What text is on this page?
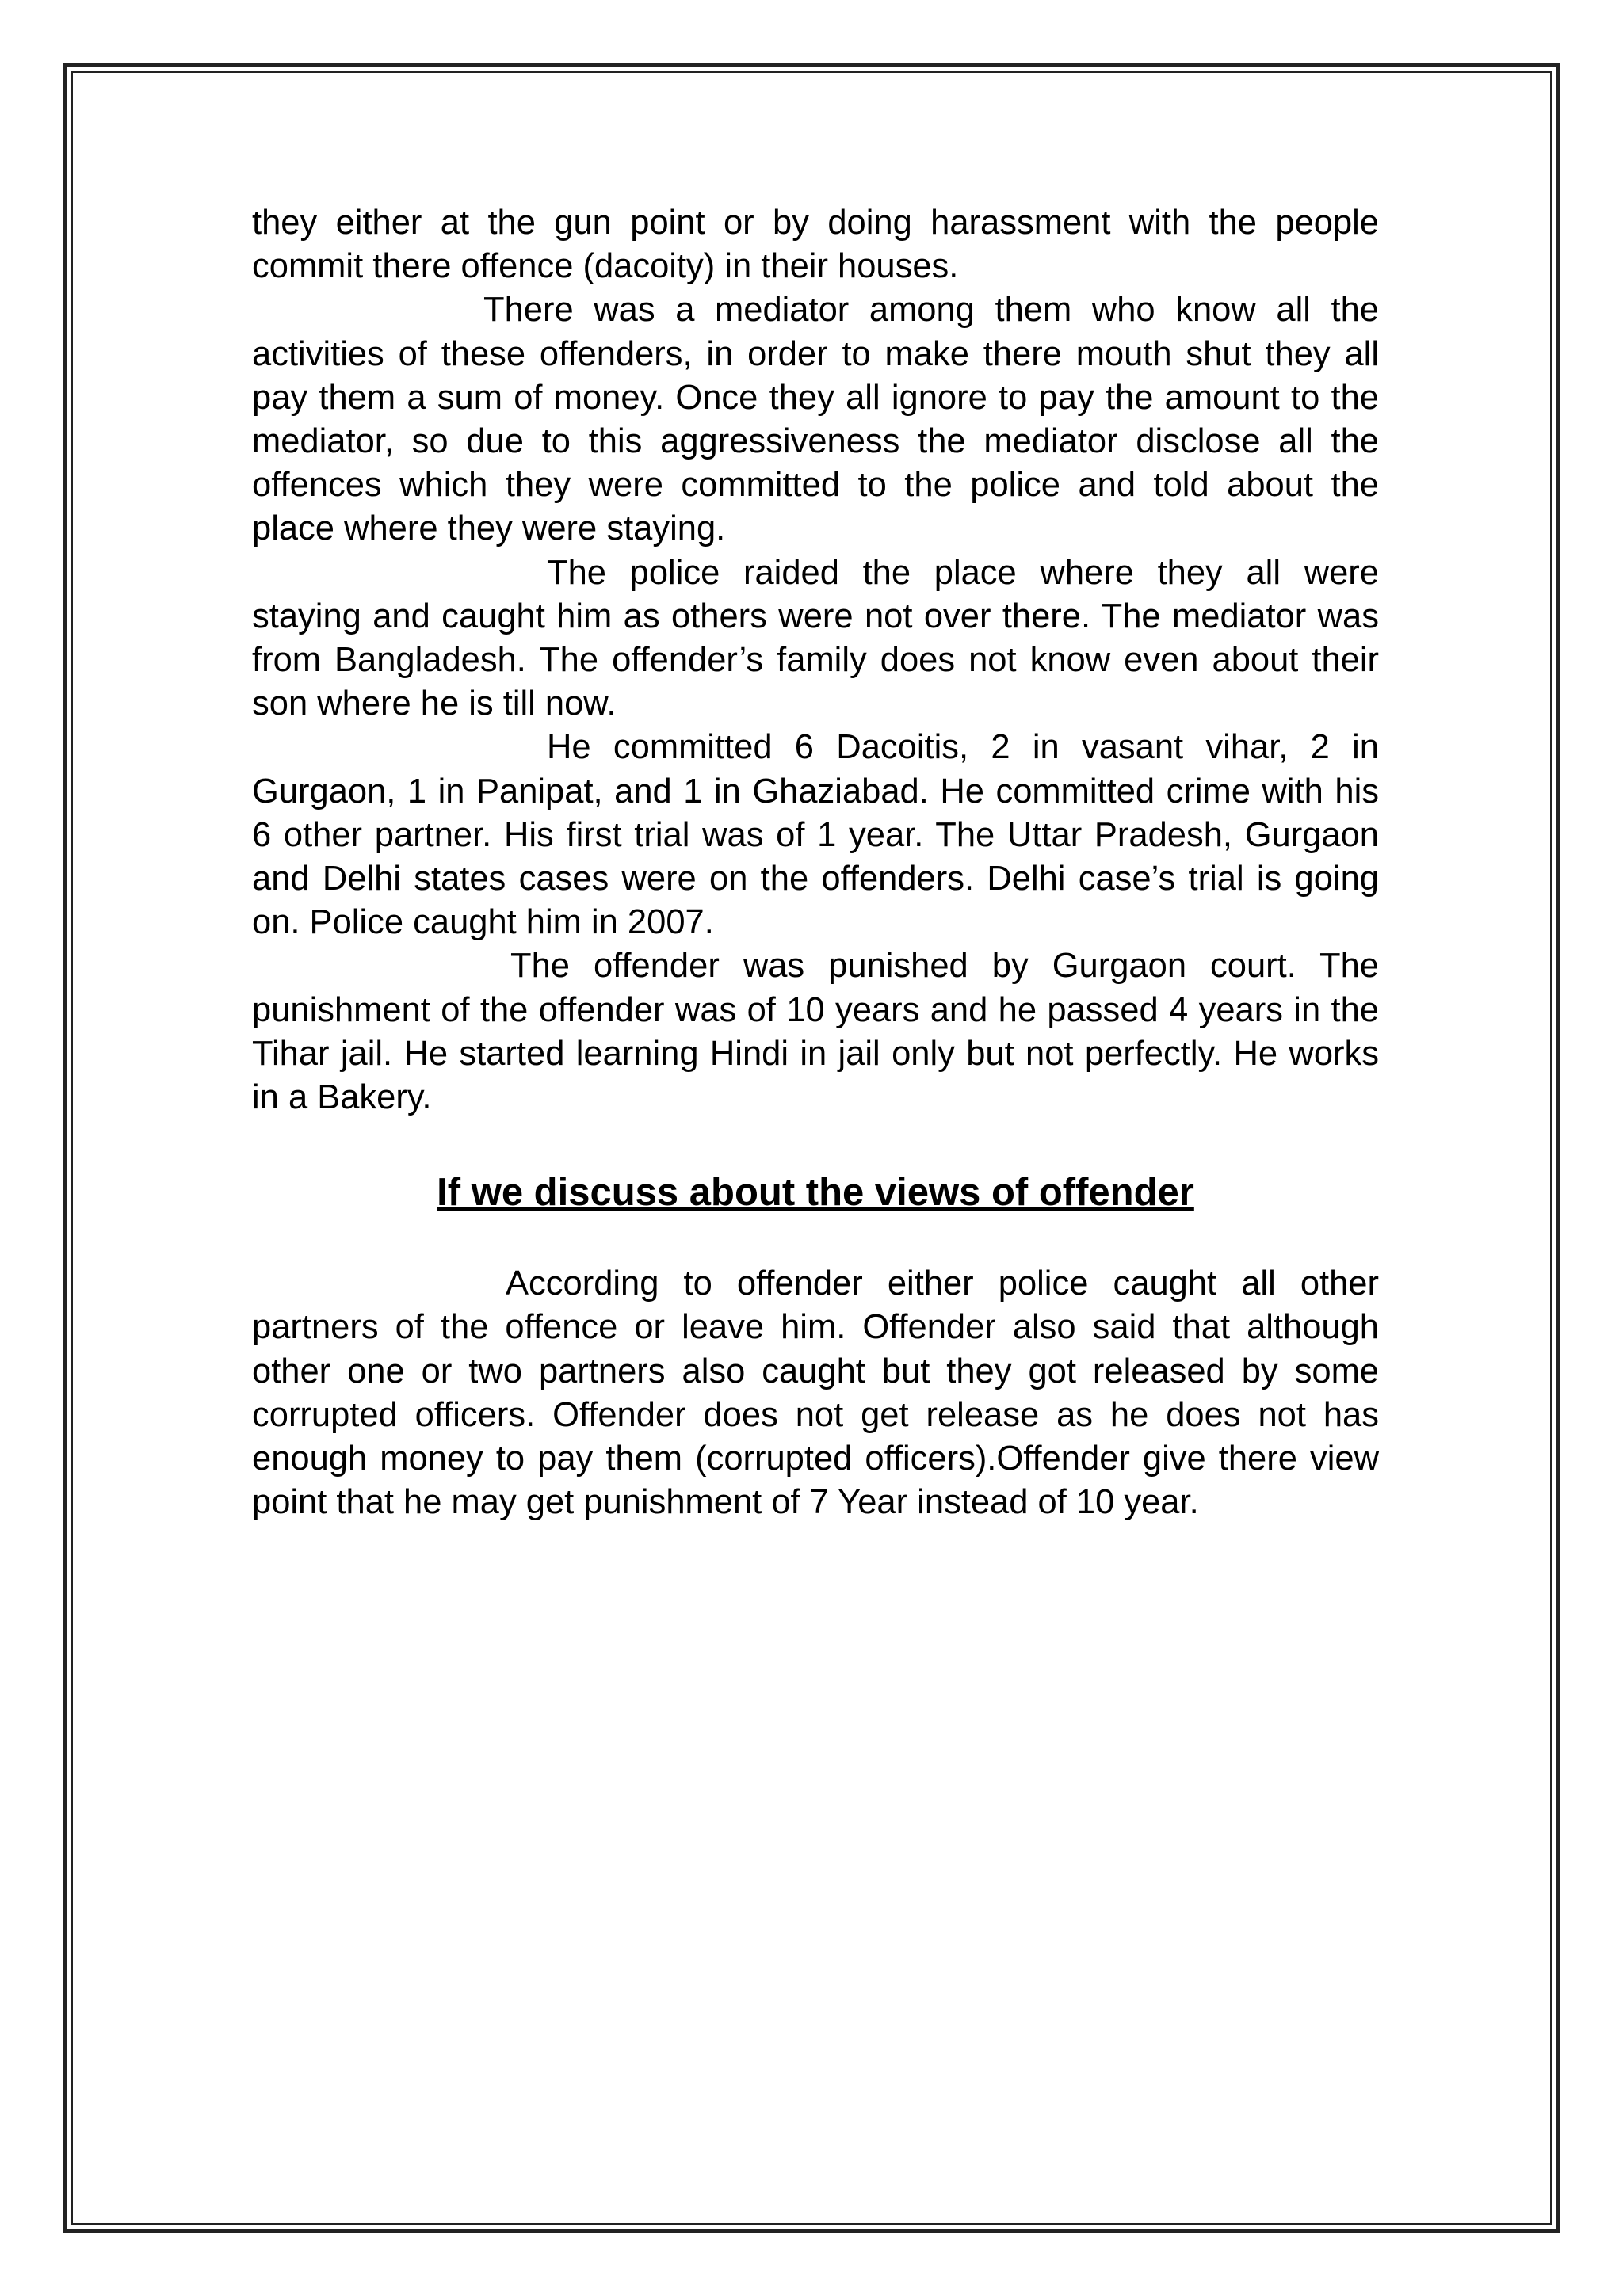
they either at the gun point or by doing harassment with the people commit there offence (dacoity) in their houses.

There was a mediator among them who know all the activities of these offenders, in order to make there mouth shut they all pay them a sum of money. Once they all ignore to pay the amount to the mediator, so due to this aggressiveness the mediator disclose all the offences which they were committed to the police and told about the place where they were staying.

The police raided the place where they all were staying and caught him as others were not over there. The mediator was from Bangladesh. The offender’s family does not know even about their son where he is till now.

He committed 6 Dacoitis, 2 in vasant vihar, 2 in Gurgaon, 1 in Panipat, and 1 in Ghaziabad. He committed crime with his 6 other partner. His first trial was of 1 year. The Uttar Pradesh, Gurgaon and Delhi states cases were on the offenders. Delhi case’s trial is going on. Police caught him in 2007.

The offender was punished by Gurgaon court. The punishment of the offender was of 10 years and he passed 4 years in the Tihar jail. He started learning Hindi in jail only but not perfectly. He works in a Bakery.

If we discuss about the views of offender

According to offender either police caught all other partners of the offence or leave him. Offender also said that although other one or two partners also caught but they got released by some corrupted officers. Offender does not get release as he does not has enough money to pay them (corrupted officers).Offender give there view point that he may get punishment of 7 Year instead of 10 year.
